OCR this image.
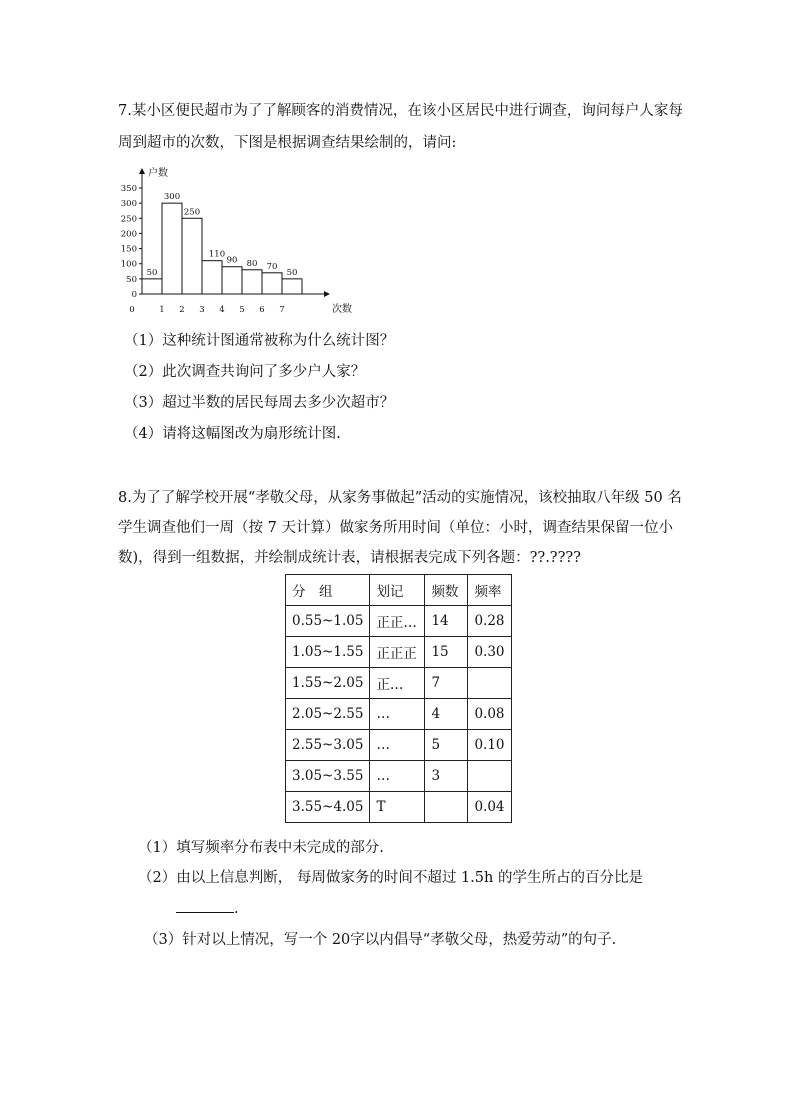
7.某小区便民超市为了了解顾客的消费情况，在该小区居民中进行调查，询问每户人家每
周到超市的次数，下图是根据调查结果绘制的，请问:
户数
次数
0
50
100
150
200
250
300
350
50
300
250
110
90 80 70
50
0	1 2 3 4 5 6 7
（1）这种统计图通常被称为什么统计图？
（2）此次调查共询问了多少户人家？
（3）超过半数的居民每周去多少次超市？
（4）请将这幅图改为扇形统计图.
8.为了了解学校开展“孝敬父母，从家务事做起”活动的实施情况，该校抽取八年级 50 名
学生调查他们一周（按 7 天计算）做家务所用时间（单位：小时，调查结果保留一位小
数)，得到一组数据，并绘制成统计表，请根据表完成下列各题：??.????
分　组	划记	频数	频率
0.55~1.05	正正…	14	0.28
1.05~1.55	正正正	15	0.30
1.55~2.05	正…	7	
2.05~2.55	…	4	0.08
2.55~3.05	…	5	0.10
3.05~3.55	…	3	
3.55~4.05	T		0.04
（1）填写频率分布表中未完成的部分.
（2）由以上信息判断， 每周做家务的时间不超过 1.5h 的学生所占的百分比是
.
（3）针对以上情况，写一个 20字以内倡导“孝敬父母，热爱劳动”的句子.
